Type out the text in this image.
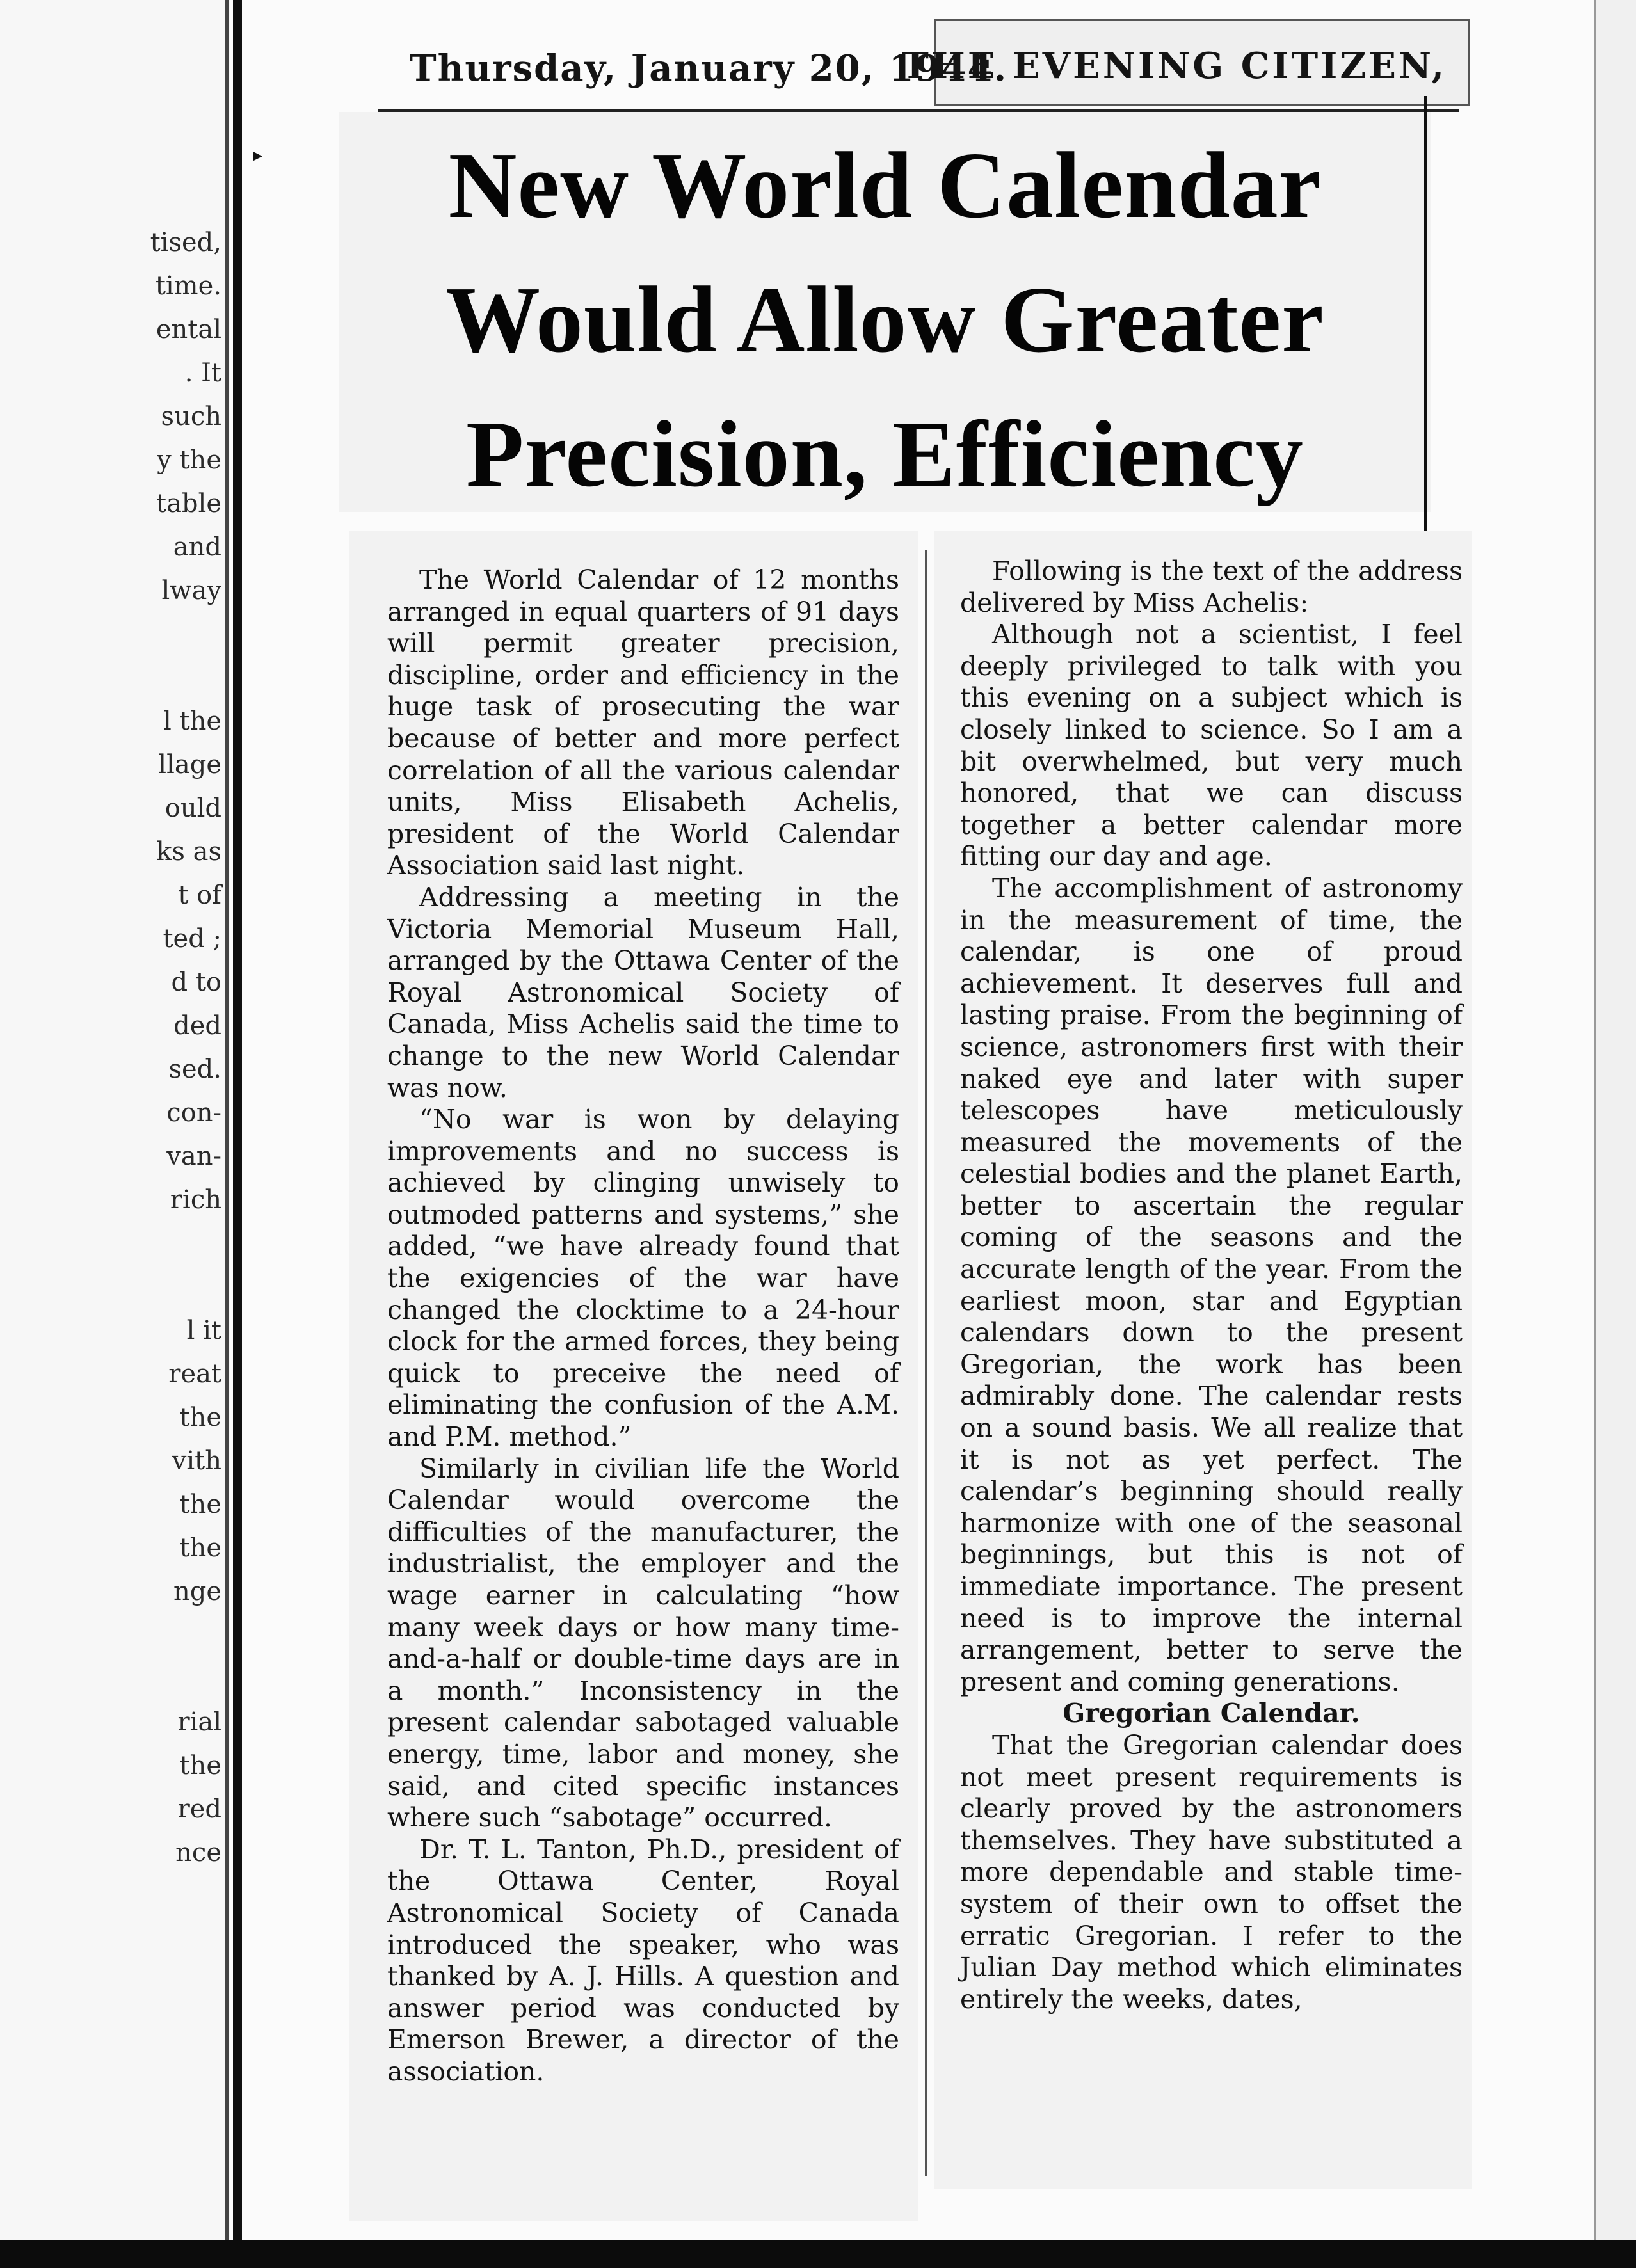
tised,
time.
ental
. It
such
y the
table
and
lway

l the
llage
ould
ks as
t of
ted ;
d to
ded
sed.
con-
van-
rich

l it
reat
the
vith
the
the
nge

rial
the
red
nce
▸
Thursday, January 20, 1944.
THE EVENING CITIZEN,
New World Calendar
Would Allow Greater
Precision, Efficiency

The World Calendar of 12 months arranged in equal quarters of 91 days will permit greater precision, discipline, order and efficiency in the huge task of prosecuting the war because of better and more perfect correlation of all the various calendar units, Miss Elisabeth Achelis, president of the World Calendar Association said last night.

Addressing a meeting in the Victoria Memorial Museum Hall, arranged by the Ottawa Center of the Royal Astronomical Society of Canada, Miss Achelis said the time to change to the new World Calendar was now.

“No war is won by delaying improvements and no success is achieved by clinging unwisely to outmoded patterns and systems,” she added, “we have already found that the exigencies of the war have changed the clocktime to a 24-hour clock for the armed forces, they being quick to preceive the need of eliminating the confusion of the A.M. and P.M. method.”

Similarly in civilian life the World Calendar would overcome the difficulties of the manufacturer, the industrialist, the employer and the wage earner in calculating “how many week days or how many time-and-a-half or double-time days are in a month.” Inconsistency in the present calendar sabotaged valuable energy, time, labor and money, she said, and cited specific instances where such “sabotage” occurred.

Dr. T. L. Tanton, Ph.D., president of the Ottawa Center, Royal Astronomical Society of Canada introduced the speaker, who was thanked by A. J. Hills. A question and answer period was conducted by Emerson Brewer, a director of the association.

Following is the text of the address delivered by Miss Achelis:

Although not a scientist, I feel deeply privileged to talk with you this evening on a subject which is closely linked to science. So I am a bit overwhelmed, but very much honored, that we can discuss together a better calendar more fitting our day and age.

The accomplishment of astronomy in the measurement of time, the calendar, is one of proud achievement. It deserves full and lasting praise. From the beginning of science, astronomers first with their naked eye and later with super telescopes have meticulously measured the movements of the celestial bodies and the planet Earth, better to ascertain the regular coming of the seasons and the accurate length of the year. From the earliest moon, star and Egyptian calendars down to the present Gregorian, the work has been admirably done. The calendar rests on a sound basis. We all realize that it is not as yet perfect. The calendar’s beginning should really harmonize with one of the seasonal beginnings, but this is not of immediate importance. The present need is to improve the internal arrangement, better to serve the present and coming generations.

Gregorian Calendar.

That the Gregorian calendar does not meet present requirements is clearly proved by the astronomers themselves. They have substituted a more dependable and stable time-system of their own to offset the erratic Gregorian. I refer to the Julian Day method which eliminates entirely the weeks, dates,
